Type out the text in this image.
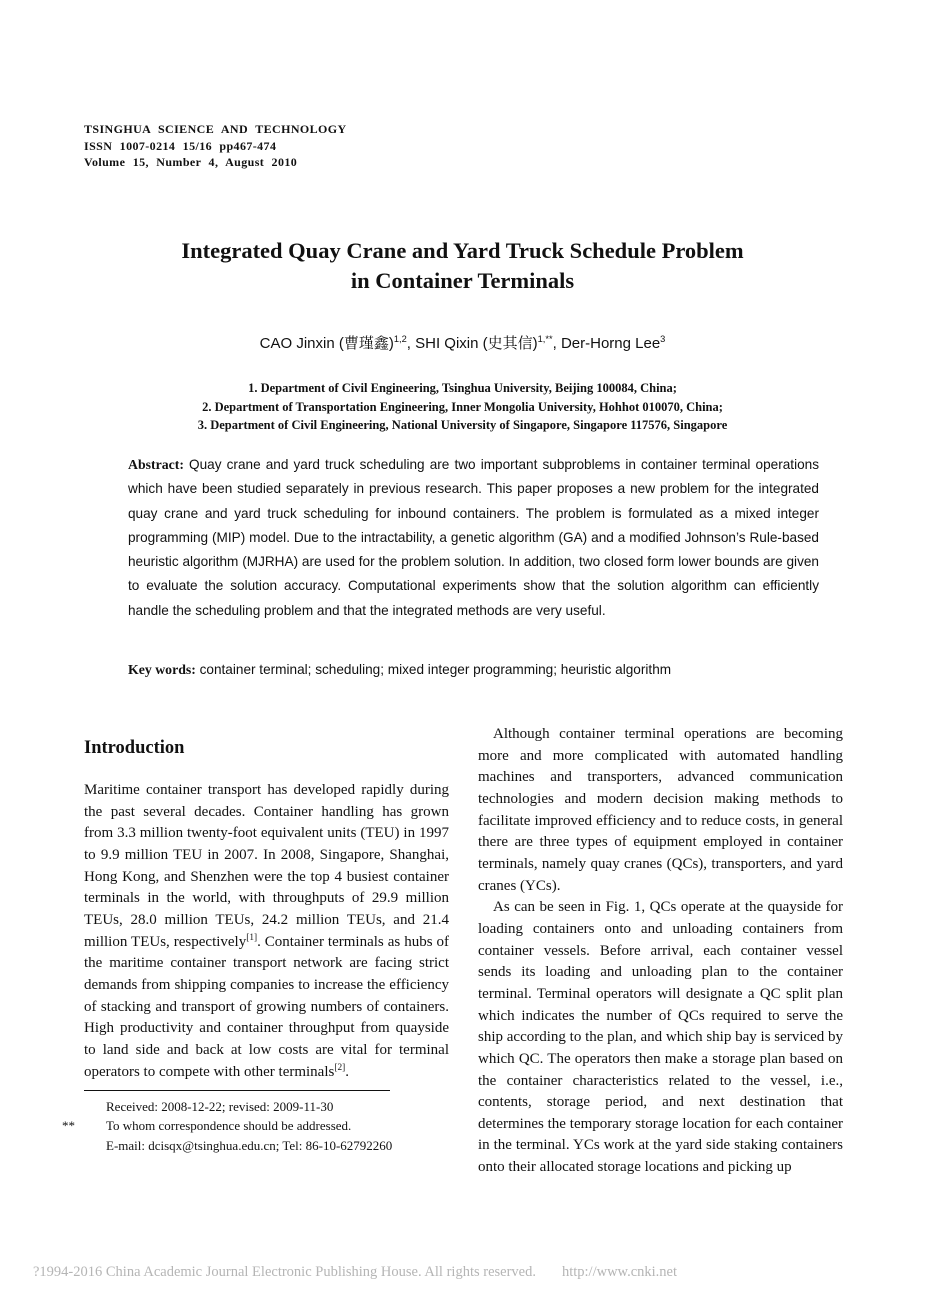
TSINGHUA SCIENCE AND TECHNOLOGY
ISSN 1007-0214 15/16 pp467-474
Volume 15, Number 4, August 2010
Integrated Quay Crane and Yard Truck Schedule Problem
in Container Terminals
CAO Jinxin (曹瑾鑫)$^{1,2}$, SHI Qixin (史其信)$^{1,**}$, Der-Horng Lee$^3$
1. Department of Civil Engineering, Tsinghua University, Beijing 100084, China;
2. Department of Transportation Engineering, Inner Mongolia University, Hohhot 010070, China;
3. Department of Civil Engineering, National University of Singapore, Singapore 117576, Singapore
Abstract: Quay crane and yard truck scheduling are two important subproblems in container terminal operations which have been studied separately in previous research. This paper proposes a new problem for the integrated quay crane and yard truck scheduling for inbound containers. The problem is formulated as a mixed integer programming (MIP) model. Due to the intractability, a genetic algorithm (GA) and a modified Johnson’s Rule-based heuristic algorithm (MJRHA) are used for the problem solution. In addition, two closed form lower bounds are given to evaluate the solution accuracy. Computational experiments show that the solution algorithm can efficiently handle the scheduling problem and that the integrated methods are very useful.
Key words: container terminal; scheduling; mixed integer programming; heuristic algorithm
Introduction
Maritime container transport has developed rapidly during the past several decades. Container handling has grown from 3.3 million twenty-foot equivalent units (TEU) in 1997 to 9.9 million TEU in 2007. In 2008, Singapore, Shanghai, Hong Kong, and Shenzhen were the top 4 busiest container terminals in the world, with throughputs of 29.9 million TEUs, 28.0 million TEUs, 24.2 million TEUs, and 21.4 million TEUs, respectively[1]. Container terminals as hubs of the maritime container transport network are facing strict demands from shipping companies to increase the efficiency of stacking and transport of growing numbers of containers. High productivity and container throughput from quayside to land side and back at low costs are vital for terminal operators to compete with other terminals[2].
Received: 2008-12-22; revised: 2009-11-30
** To whom correspondence should be addressed.
E-mail: dcisqx@tsinghua.edu.cn; Tel: 86-10-62792260
Although container terminal operations are becoming more and more complicated with automated handling machines and transporters, advanced communication technologies and modern decision making methods to facilitate improved efficiency and to reduce costs, in general there are three types of equipment employed in container terminals, namely quay cranes (QCs), transporters, and yard cranes (YCs).
As can be seen in Fig. 1, QCs operate at the quayside for loading containers onto and unloading containers from container vessels. Before arrival, each container vessel sends its loading and unloading plan to the container terminal. Terminal operators will designate a QC split plan which indicates the number of QCs required to serve the ship according to the plan, and which ship bay is serviced by which QC. The operators then make a storage plan based on the container characteristics related to the vessel, i.e., contents, storage period, and next destination that determines the temporary storage location for each container in the terminal. YCs work at the yard side staking containers onto their allocated storage locations and picking up
?1994-2016 China Academic Journal Electronic Publishing House. All rights reserved. http://www.cnki.net
